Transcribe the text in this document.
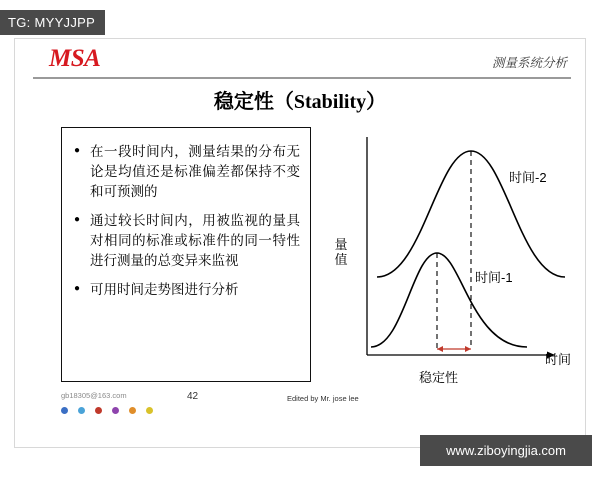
TG: MYYJJPP
MSA	测量系统分析
稳定性（Stability）
● 在一段时间内，测量结果的分布无论是均值还是标准偏差都保持不变和可预测的
● 通过较长时间内，用被监视的量具对相同的标准或标准件的同一特性进行测量的总变异来监视
● 可用时间走势图进行分析
量值
时间
时间-2
时间-1
稳定性
gb18305@163.com	42	Edited by Mr. jose lee
www.ziboyingjia.com
